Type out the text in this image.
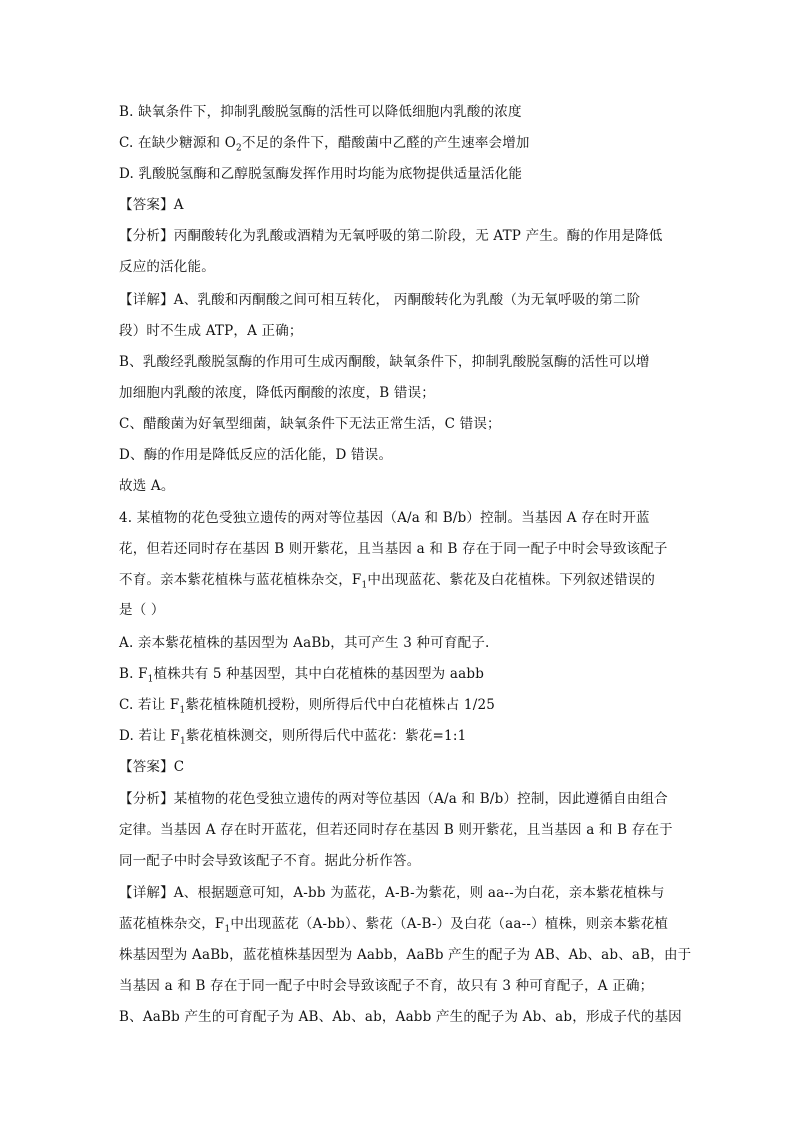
B. 缺氧条件下，抑制乳酸脱氢酶的活性可以降低细胞内乳酸的浓度
C. 在缺少糖源和 $O_2$不足的条件下，醋酸菌中乙醛的产生速率会增加
D. 乳酸脱氢酶和乙醇脱氢酶发挥作用时均能为底物提供适量活化能
【答案】A
【分析】丙酮酸转化为乳酸或酒精为无氧呼吸的第二阶段，无 ATP 产生。酶的作用是降低
反应的活化能。
【详解】A、乳酸和丙酮酸之间可相互转化， 丙酮酸转化为乳酸（为无氧呼吸的第二阶
段）时不生成 ATP，A 正确；
B、乳酸经乳酸脱氢酶的作用可生成丙酮酸，缺氧条件下，抑制乳酸脱氢酶的活性可以增
加细胞内乳酸的浓度，降低丙酮酸的浓度，B 错误；
C、醋酸菌为好氧型细菌，缺氧条件下无法正常生活，C 错误；
D、酶的作用是降低反应的活化能，D 错误。
故选 A。
4. 某植物的花色受独立遗传的两对等位基因（A/a 和 B/b）控制。当基因 A 存在时开蓝
花，但若还同时存在基因 B 则开紫花，且当基因 a 和 B 存在于同一配子中时会导致该配子
不育。亲本紫花植株与蓝花植株杂交，$F_1$中出现蓝花、紫花及白花植株。下列叙述错误的
是（ ）
A. 亲本紫花植株的基因型为 AaBb，其可产生 3 种可育配子.
B. $F_1$植株共有 5 种基因型，其中白花植株的基因型为 aabb
C. 若让 $F_1$紫花植株随机授粉，则所得后代中白花植株占 1/25
D. 若让 $F_1$紫花植株测交，则所得后代中蓝花：紫花=1:1
【答案】C
【分析】某植物的花色受独立遗传的两对等位基因（A/a 和 B/b）控制，因此遵循自由组合
定律。当基因 A 存在时开蓝花，但若还同时存在基因 B 则开紫花，且当基因 a 和 B 存在于
同一配子中时会导致该配子不育。据此分析作答。
【详解】A、根据题意可知，A-bb 为蓝花，A-B-为紫花，则 aa--为白花，亲本紫花植株与
蓝花植株杂交，$F_1$中出现蓝花（A-bb）、紫花（A-B-）及白花（aa--）植株，则亲本紫花植
株基因型为 AaBb，蓝花植株基因型为 Aabb，AaBb 产生的配子为 AB、Ab、ab、aB，由于
当基因 a 和 B 存在于同一配子中时会导致该配子不育，故只有 3 种可育配子，A 正确；
B、AaBb 产生的可育配子为 AB、Ab、ab，Aabb 产生的配子为 Ab、ab，形成子代的基因
